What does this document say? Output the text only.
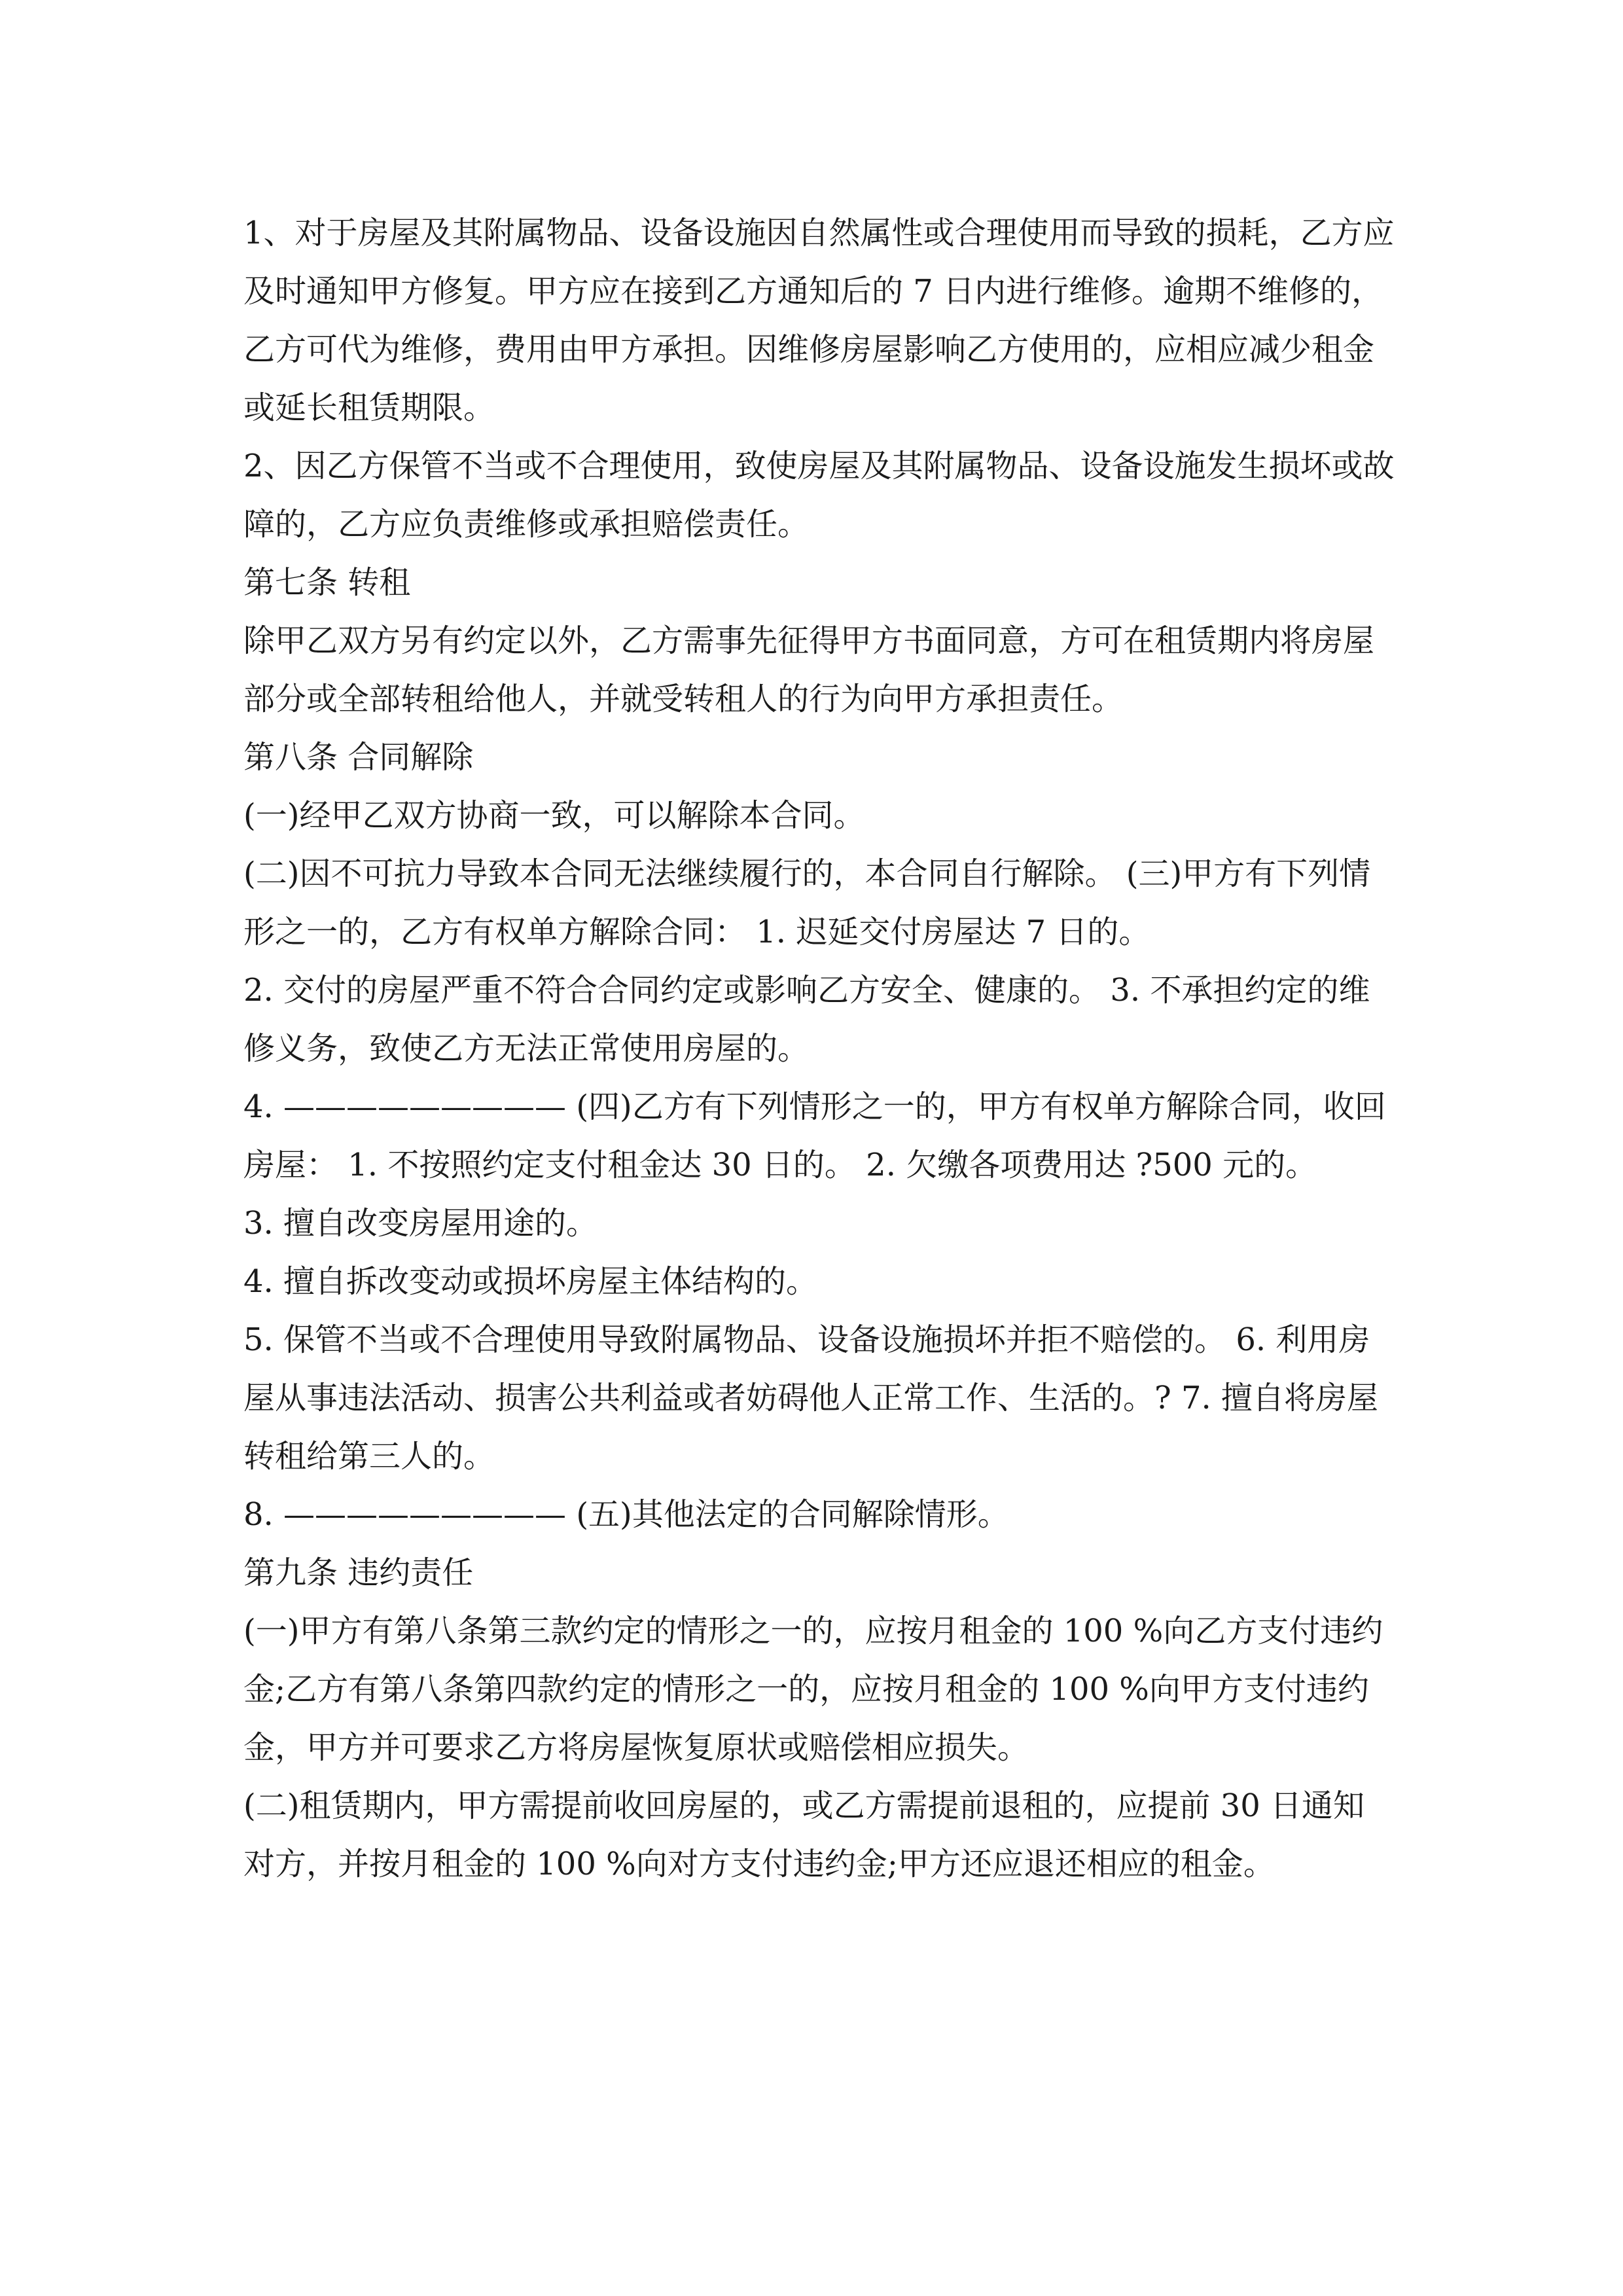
1、对于房屋及其附属物品、设备设施因自然属性或合理使用而导致的损耗，乙方应及时通知甲方修复。甲方应在接到乙方通知后的 7 日内进行维修。逾期不维修的，乙方可代为维修，费用由甲方承担。因维修房屋影响乙方使用的，应相应减少租金或延长租赁期限。

2、因乙方保管不当或不合理使用，致使房屋及其附属物品、设备设施发生损坏或故障的，乙方应负责维修或承担赔偿责任。

第七条 转租

除甲乙双方另有约定以外，乙方需事先征得甲方书面同意，方可在租赁期内将房屋部分或全部转租给他人，并就受转租人的行为向甲方承担责任。

第八条 合同解除

(一)经甲乙双方协商一致，可以解除本合同。

(二)因不可抗力导致本合同无法继续履行的，本合同自行解除。 (三)甲方有下列情形之一的，乙方有权单方解除合同： 1. 迟延交付房屋达 7 日的。

2. 交付的房屋严重不符合合同约定或影响乙方安全、健康的。 3. 不承担约定的维修义务，致使乙方无法正常使用房屋的。

4. ————————— (四)乙方有下列情形之一的，甲方有权单方解除合同，收回房屋： 1. 不按照约定支付租金达 30 日的。 2. 欠缴各项费用达 ?500 元的。

3. 擅自改变房屋用途的。

4. 擅自拆改变动或损坏房屋主体结构的。

5. 保管不当或不合理使用导致附属物品、设备设施损坏并拒不赔偿的。 6. 利用房屋从事违法活动、损害公共利益或者妨碍他人正常工作、生活的。? 7. 擅自将房屋转租给第三人的。

8. ————————— (五)其他法定的合同解除情形。

第九条 违约责任

(一)甲方有第八条第三款约定的情形之一的，应按月租金的 100 %向乙方支付违约金;乙方有第八条第四款约定的情形之一的，应按月租金的 100 %向甲方支付违约金，甲方并可要求乙方将房屋恢复原状或赔偿相应损失。

(二)租赁期内，甲方需提前收回房屋的，或乙方需提前退租的，应提前 30 日通知对方，并按月租金的 100 %向对方支付违约金;甲方还应退还相应的租金。
